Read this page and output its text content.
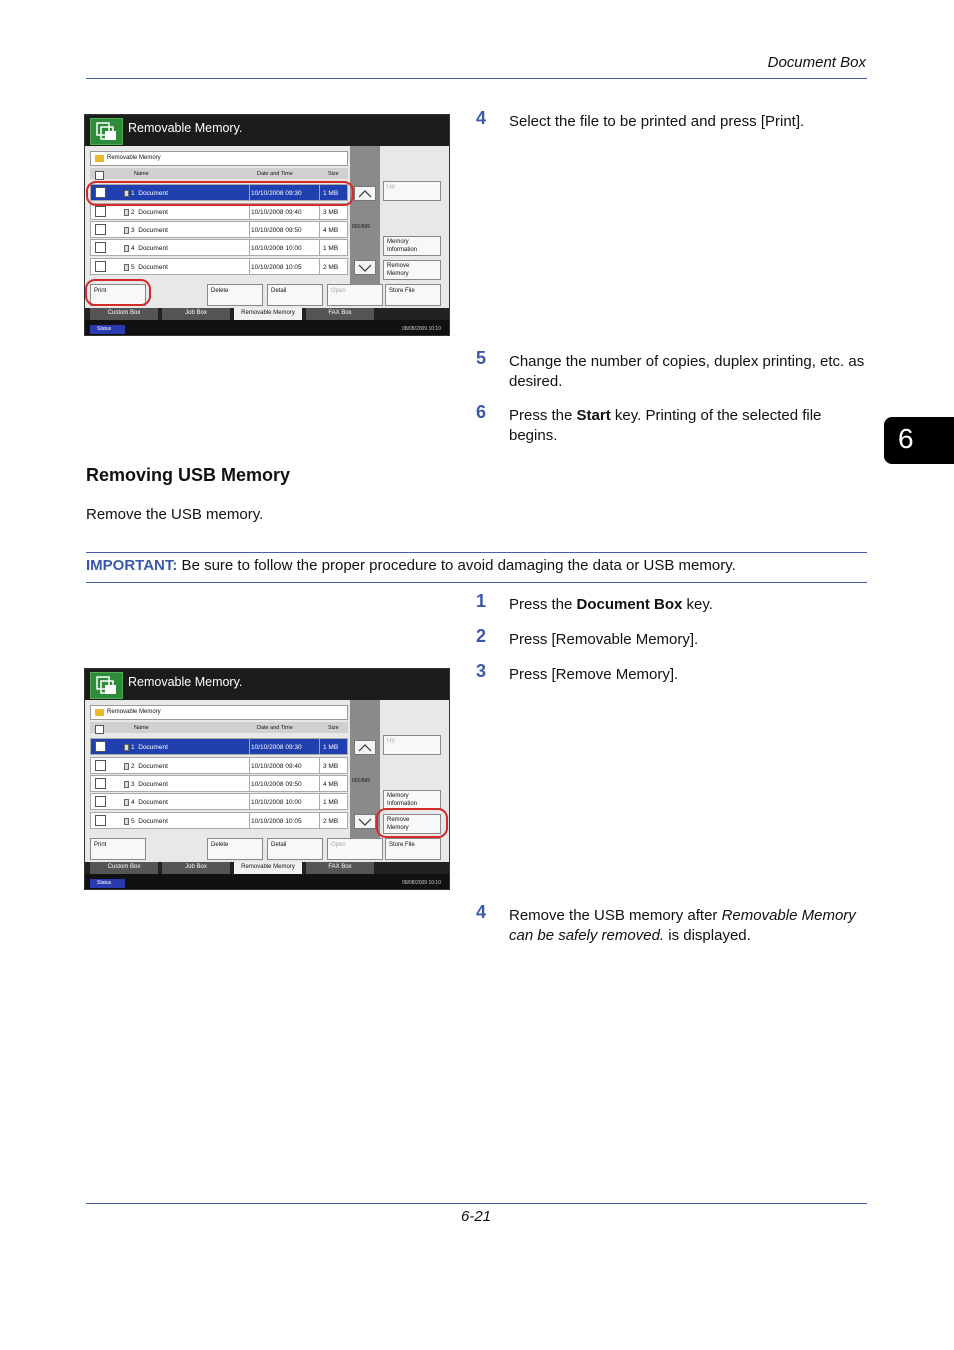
Document Box
6
Removable Memory.
Removable Memory
Name	Date and Time	Size
1 Document	10/10/2008 09:30	1 MB
2 Document	10/10/2008 09:40	3 MB
3 Document	10/10/2008 09:50	4 MB
4 Document	10/10/2008 10:00	1 MB
5 Document	10/10/2008 10:05	2 MB
001/999
Up
Memory
Information
Remove
Memory
Print	Delete	Detail	Open	Store File
Custom Box	Job Box	Removable Memory	FAX Box
Status	08/08/2009 10:10
4 Select the file to be printed and press [Print].
5 Change the number of copies, duplex printing, etc. as desired.
6 Press the Start key. Printing of the selected file begins.
Removing USB Memory
Remove the USB memory.
IMPORTANT: Be sure to follow the proper procedure to avoid damaging the data or USB memory.
1 Press the Document Box key.
2 Press [Removable Memory].
3 Press [Remove Memory].
Removable Memory.
Removable Memory
Name	Date and Time	Size
1 Document	10/10/2008 09:30	1 MB
2 Document	10/10/2008 09:40	3 MB
3 Document	10/10/2008 09:50	4 MB
4 Document	10/10/2008 10:00	1 MB
5 Document	10/10/2008 10:05	2 MB
001/999
Up
Memory
Information
Remove
Memory
Print	Delete	Detail	Open	Store File
Custom Box	Job Box	Removable Memory	FAX Box
Status	08/08/2009 10:10
4 Remove the USB memory after Removable Memory can be safely removed. is displayed.
6-21
